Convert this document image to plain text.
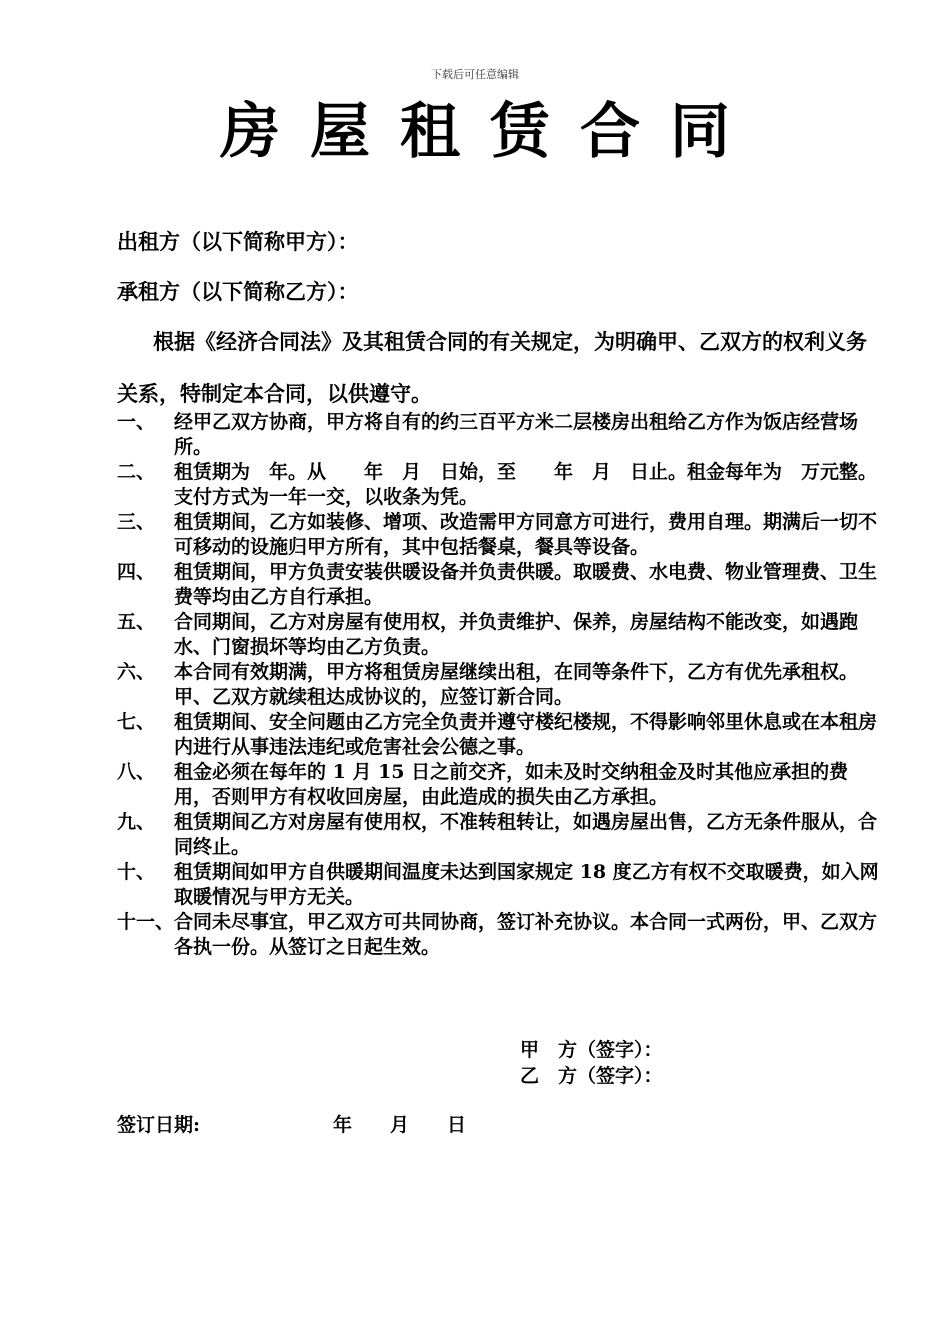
下载后可任意编辑
房屋租赁合同
出租方（以下简称甲方）：
承租方（以下简称乙方）：
根据《经济合同法》及其租赁合同的有关规定，为明确甲、乙双方的权利义务关系，特制定本合同，以供遵守。
一、 经甲乙双方协商，甲方将自有的约三百平方米二层楼房出租给乙方作为饭店经营场所。
二、 租赁期为　年。从　　年　月　日始，至　　年　月　日止。租金每年为　万元整。支付方式为一年一交，以收条为凭。
三、 租赁期间，乙方如装修、增项、改造需甲方同意方可进行，费用自理。期满后一切不可移动的设施归甲方所有，其中包括餐桌，餐具等设备。
四、 租赁期间，甲方负责安装供暖设备并负责供暖。取暖费、水电费、物业管理费、卫生费等均由乙方自行承担。
五、 合同期间，乙方对房屋有使用权，并负责维护、保养，房屋结构不能改变，如遇跑水、门窗损坏等均由乙方负责。
六、 本合同有效期满，甲方将租赁房屋继续出租，在同等条件下，乙方有优先承租权。甲、乙双方就续租达成协议的，应签订新合同。
七、 租赁期间、安全问题由乙方完全负责并遵守楼纪楼规，不得影响邻里休息或在本租房内进行从事违法违纪或危害社会公德之事。
八、 租金必须在每年的 1 月 15 日之前交齐，如未及时交纳租金及时其他应承担的费用，否则甲方有权收回房屋，由此造成的损失由乙方承担。
九、 租赁期间乙方对房屋有使用权，不准转租转让，如遇房屋出售，乙方无条件服从，合同终止。
十、 租赁期间如甲方自供暖期间温度未达到国家规定 18 度乙方有权不交取暖费，如入网取暖情况与甲方无关。
十一、 合同未尽事宜，甲乙双方可共同协商，签订补充协议。本合同一式两份，甲、乙双方各执一份。从签订之日起生效。
甲　方（签字）：
乙　方（签字）：
签订日期:　　　　　　　年　　月　　日
